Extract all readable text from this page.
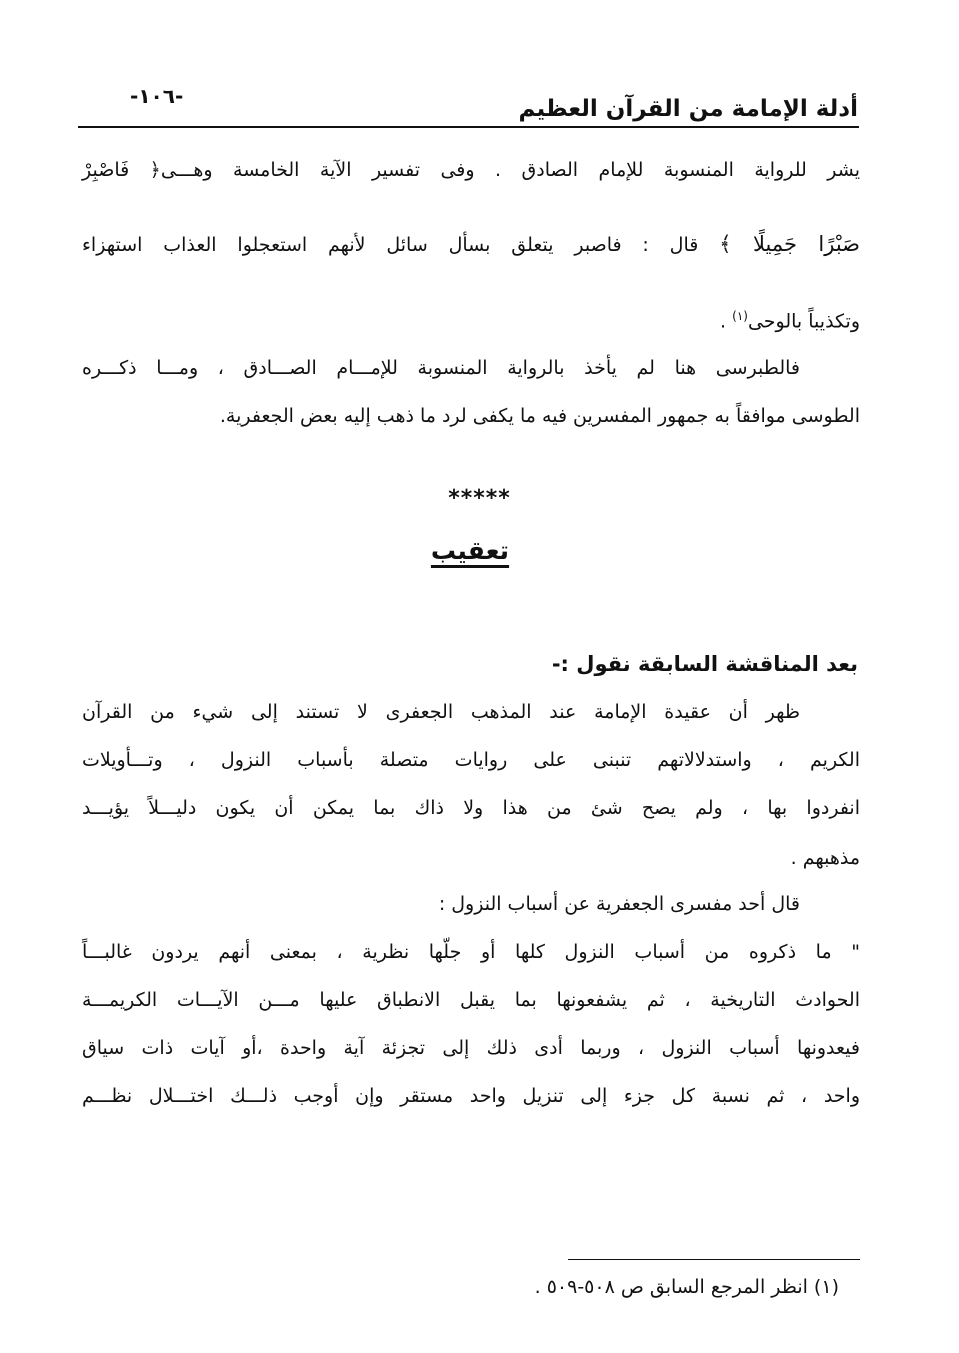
-١٠٦-	أدلة الإمامة من القرآن العظيم
يشر للرواية المنسوبة للإمام الصادق . وفى تفسير الآية الخامسة وهـــى﴿ فَاصْبِرْ
صَبْرًا جَمِيلًا ﴾ قال : فاصبر يتعلق بسأل سائل لأنهم استعجلوا العذاب استهزاء
وتكذيباً بالوحى$^{(١)}$ .
فالطبرسى هنا لم يأخذ بالرواية المنسوبة للإمـــام الصـــادق ، ومـــا ذكـــره
الطوسى موافقاً به جمهور المفسرين فيه ما يكفى لرد ما ذهب إليه بعض الجعفرية.
*****
تعقيب
بعد المناقشة السابقة نقول :-
ظهر أن عقيدة الإمامة عند المذهب الجعفرى لا تستند إلى شيء من القرآن
الكريم ، واستدلالاتهم تنبنى على روايات متصلة بأسباب النزول ، وتـــأويلات
انفردوا بها ، ولم يصح شئ من هذا ولا ذاك بما يمكن أن يكون دليـــلاً يؤيـــد
مذهبهم .
قال أحد مفسرى الجعفرية عن أسباب النزول :
" ما ذكروه من أسباب النزول كلها أو جلّها نظرية ، بمعنى أنهم يردون غالبـــاً
الحوادث التاريخية ، ثم يشفعونها بما يقبل الانطباق عليها مـــن الآيـــات الكريمـــة
فيعدونها أسباب النزول ، وربما أدى ذلك إلى تجزئة آية واحدة ،أو آيات ذات سياق
واحد ، ثم نسبة كل جزء إلى تنزيل واحد مستقر وإن أوجب ذلـــك اختـــلال نظـــم
(١) انظر المرجع السابق ص ٥٠٨-٥٠٩ .
